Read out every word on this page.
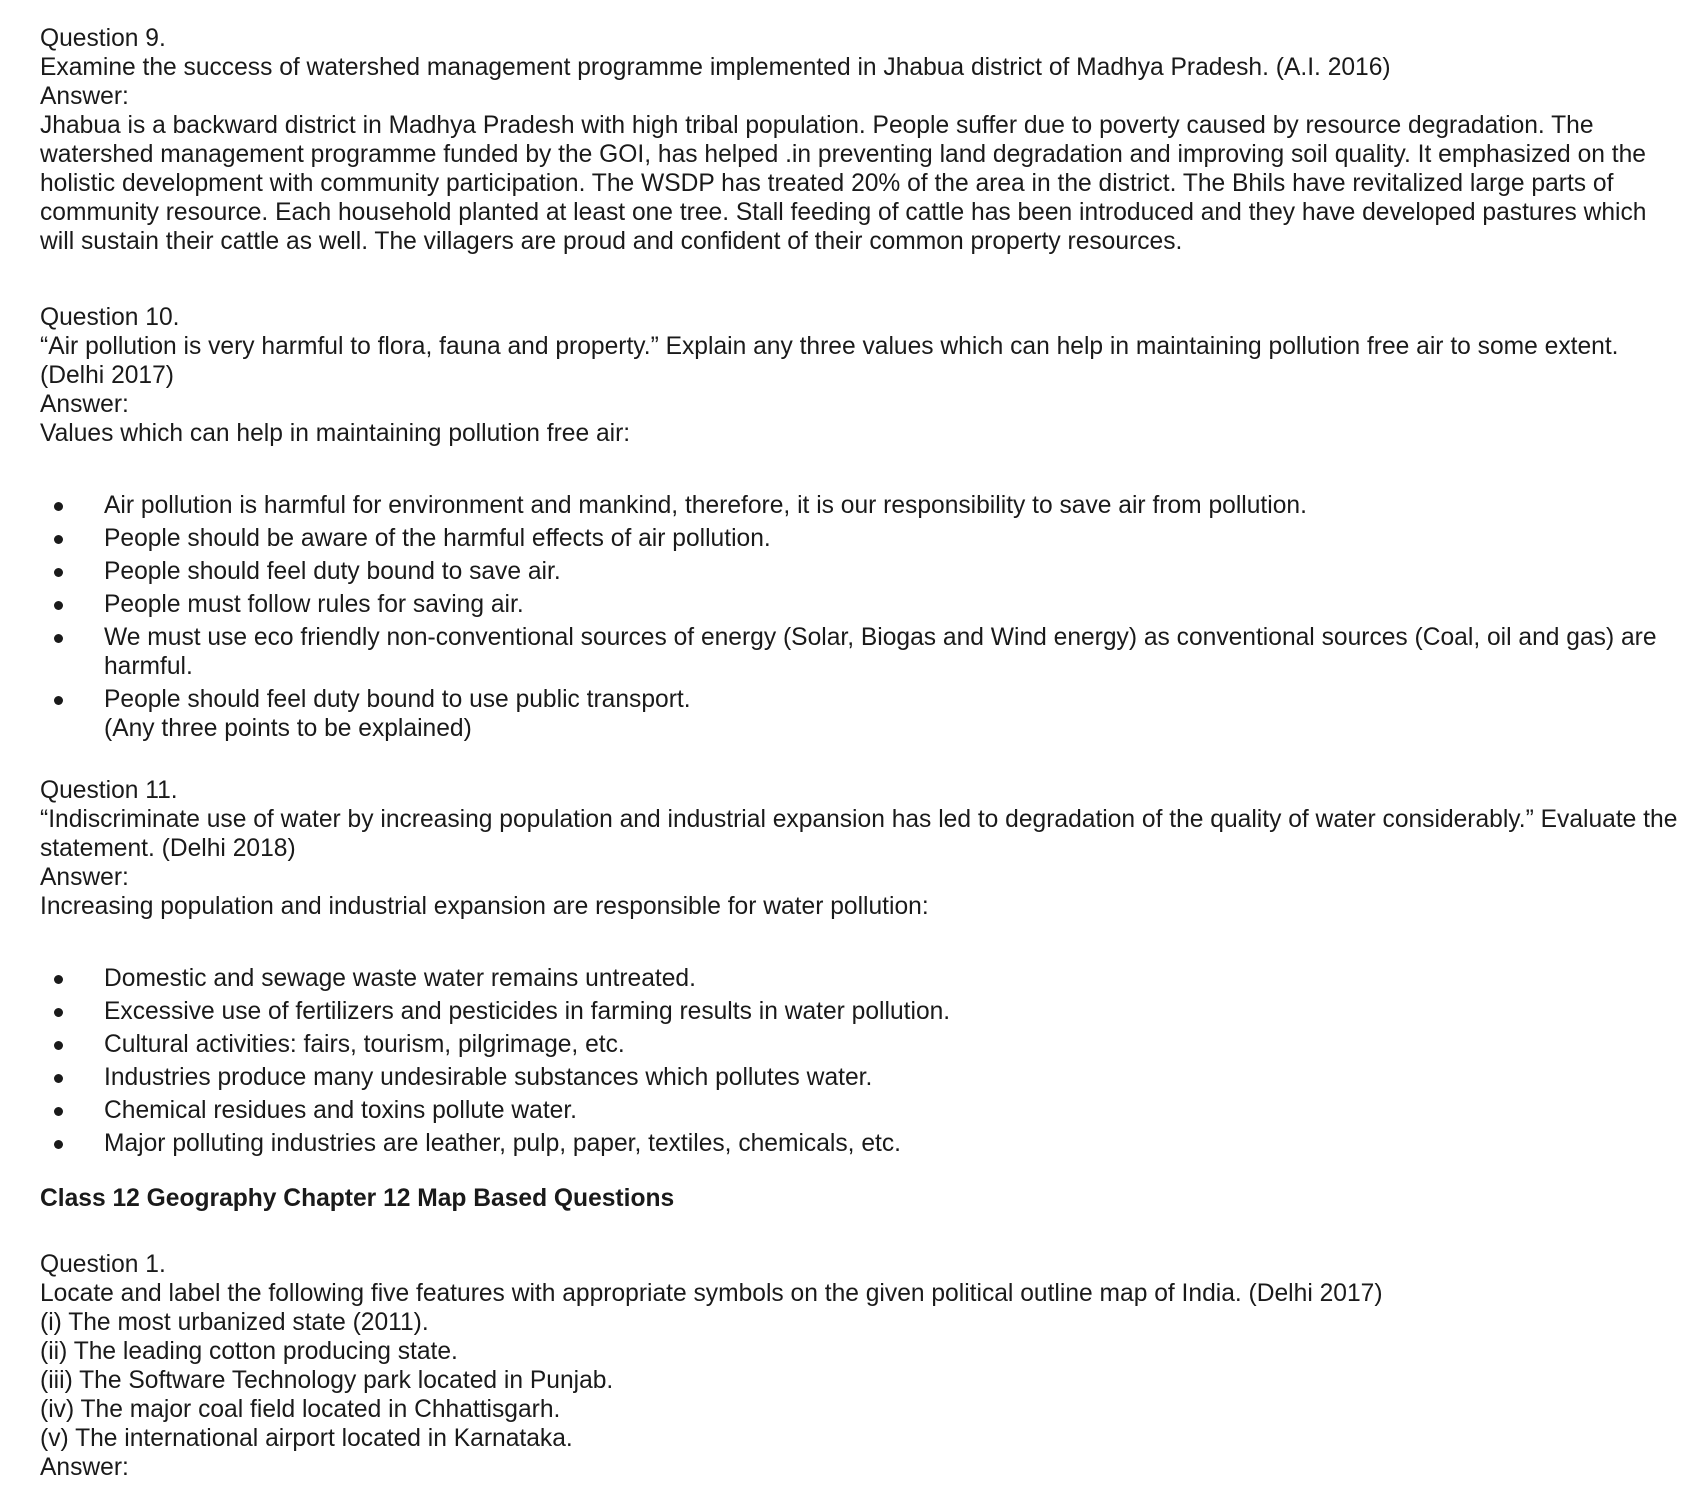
Question 9.

Examine the success of watershed management programme implemented in Jhabua district of Madhya Pradesh. (A.I. 2016)

Answer:

Jhabua is a backward district in Madhya Pradesh with high tribal population. People suffer due to poverty caused by resource degradation. The watershed management programme funded by the GOI, has helped .in preventing land degradation and improving soil quality. It emphasized on the holistic development with community participation. The WSDP has treated 20% of the area in the district. The Bhils have revitalized large parts of community resource. Each household planted at least one tree. Stall feeding of cattle has been introduced and they have developed pastures which will sustain their cattle as well. The villagers are proud and confident of their common property resources.

Question 10.

“Air pollution is very harmful to flora, fauna and property.” Explain any three values which can help in maintaining pollution free air to some extent. (Delhi 2017)

Answer:

Values which can help in maintaining pollution free air:

Air pollution is harmful for environment and mankind, therefore, it is our responsibility to save air from pollution.
People should be aware of the harmful effects of air pollution.
People should feel duty bound to save air.
People must follow rules for saving air.
We must use eco friendly non-conventional sources of energy (Solar, Biogas and Wind energy) as conventional sources (Coal, oil and gas) are harmful.
People should feel duty bound to use public transport.

(Any three points to be explained)

Question 11.

“Indiscriminate use of water by increasing population and industrial expansion has led to degradation of the quality of water considerably.” Evaluate the statement. (Delhi 2018)

Answer:

Increasing population and industrial expansion are responsible for water pollution:

Domestic and sewage waste water remains untreated.
Excessive use of fertilizers and pesticides in farming results in water pollution.
Cultural activities: fairs, tourism, pilgrimage, etc.
Industries produce many undesirable substances which pollutes water.
Chemical residues and toxins pollute water.
Major polluting industries are leather, pulp, paper, textiles, chemicals, etc.

Class 12 Geography Chapter 12 Map Based Questions

Question 1.

Locate and label the following five features with appropriate symbols on the given political outline map of India. (Delhi 2017)

(i) The most urbanized state (2011).

(ii) The leading cotton producing state.

(iii) The Software Technology park located in Punjab.

(iv) The major coal field located in Chhattisgarh.

(v) The international airport located in Karnataka.

Answer:
